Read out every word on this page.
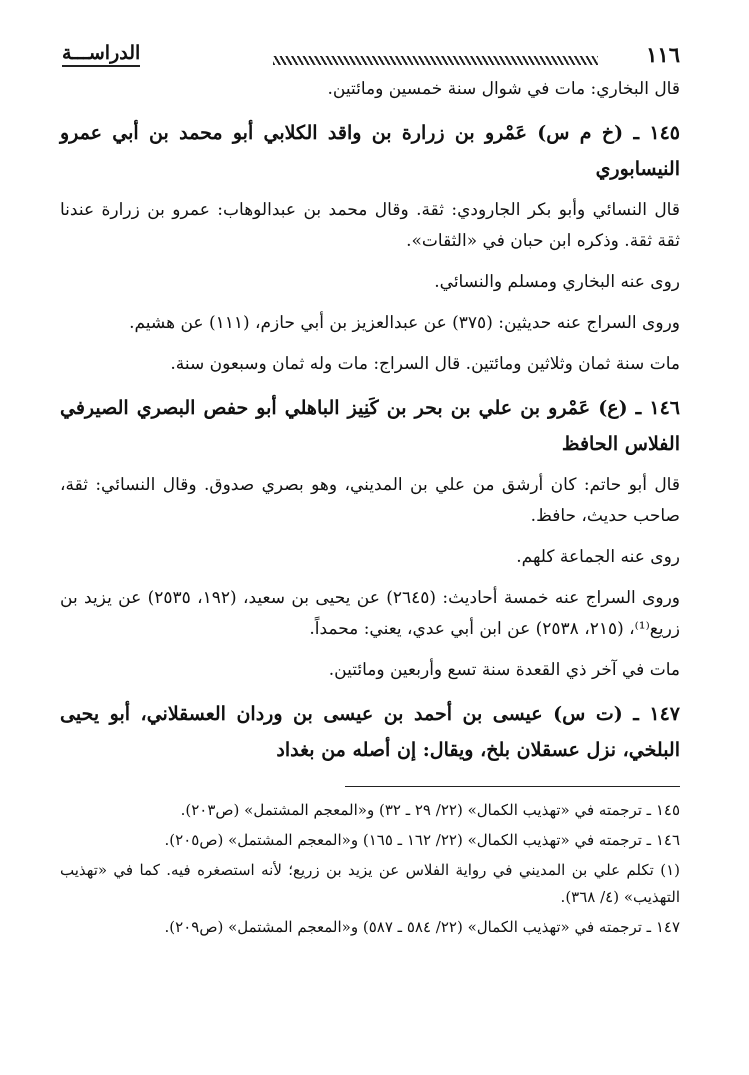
١١٦
الدراســـة

قال البخاري: مات في شوال سنة خمسين ومائتين.

١٤٥ ـ (خ م س) عَمْرو بن زرارة بن واقد الكلابي أبو محمد بن أبي عمرو النيسابوري

قال النسائي وأبو بكر الجارودي: ثقة. وقال محمد بن عبدالوهاب: عمرو بن زرارة عندنا ثقة ثقة. وذكره ابن حبان في «الثقات».

روى عنه البخاري ومسلم والنسائي.

وروى السراج عنه حديثين: (٣٧٥) عن عبدالعزيز بن أبي حازم، (١١١) عن هشيم.

مات سنة ثمان وثلاثين ومائتين. قال السراج: مات وله ثمان وسبعون سنة.

١٤٦ ـ (ع) عَمْرو بن علي بن بحر بن كَنِيز الباهلي أبو حفص البصري الصيرفي الفلاس الحافظ

قال أبو حاتم: كان أرشق من علي بن المديني، وهو بصري صدوق. وقال النسائي: ثقة، صاحب حديث، حافظ.

روى عنه الجماعة كلهم.

وروى السراج عنه خمسة أحاديث: (٢٦٤٥) عن يحيى بن سعيد، (١٩٢، ٢٥٣٥) عن يزيد بن زريع⁽¹⁾، (٢١٥، ٢٥٣٨) عن ابن أبي عدي، يعني: محمداً.

مات في آخر ذي القعدة سنة تسع وأربعين ومائتين.

١٤٧ ـ (ت س) عيسى بن أحمد بن عيسى بن وردان العسقلاني، أبو يحيى البلخي، نزل عسقلان بلخ، ويقال: إن أصله من بغداد

١٤٥ ـ ترجمته في «تهذيب الكمال» (٢٢/ ٢٩ ـ ٣٢) و«المعجم المشتمل» (ص٢٠٣).

١٤٦ ـ ترجمته في «تهذيب الكمال» (٢٢/ ١٦٢ ـ ١٦٥) و«المعجم المشتمل» (ص٢٠٥).

(١) تكلم علي بن المديني في رواية الفلاس عن يزيد بن زريع؛ لأنه استصغره فيه. كما في «تهذيب التهذيب» (٤/ ٣٦٨).

١٤٧ ـ ترجمته في «تهذيب الكمال» (٢٢/ ٥٨٤ ـ ٥٨٧) و«المعجم المشتمل» (ص٢٠٩).
